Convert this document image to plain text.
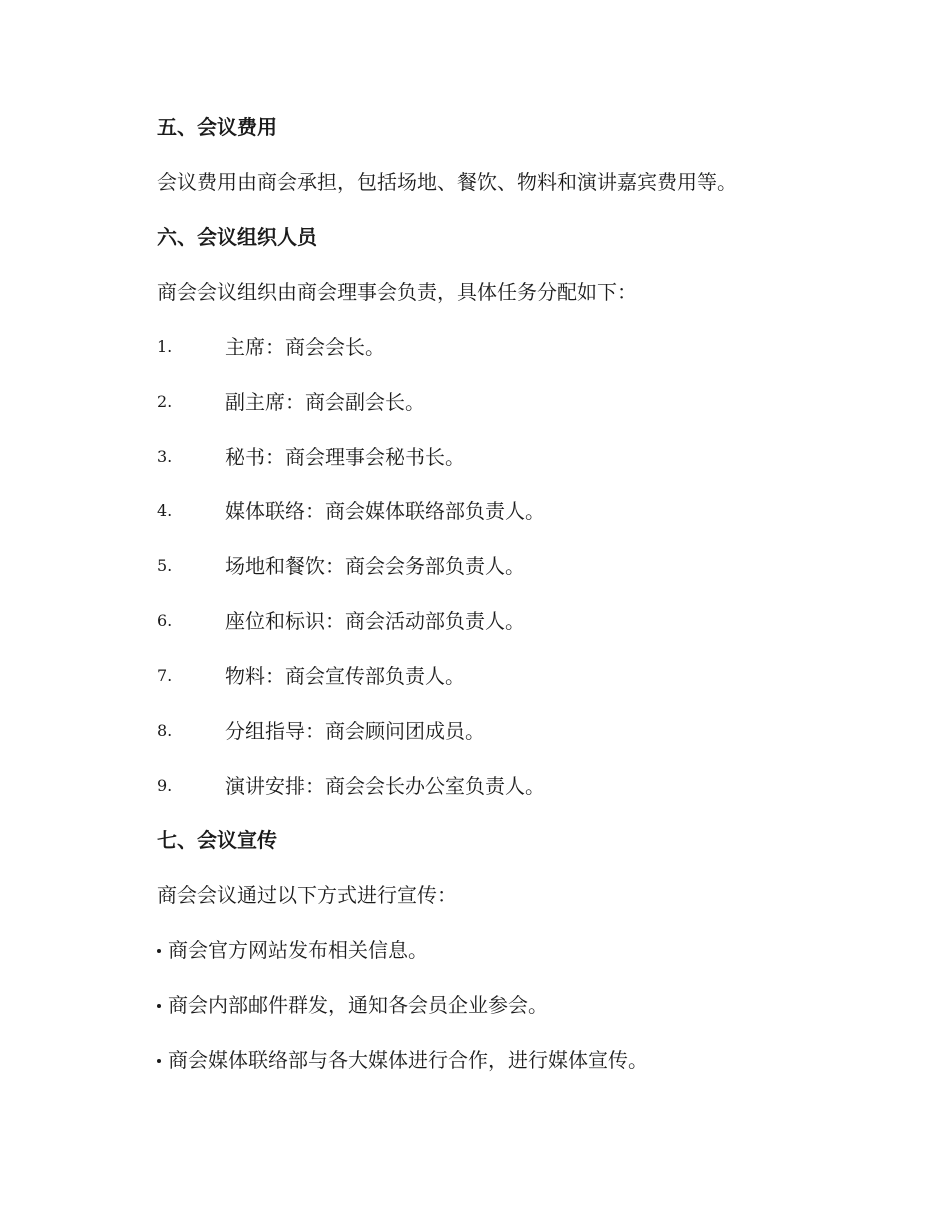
五、会议费用
会议费用由商会承担，包括场地、餐饮、物料和演讲嘉宾费用等。
六、会议组织人员
商会会议组织由商会理事会负责，具体任务分配如下：
1.	主席：商会会长。
2.	副主席：商会副会长。
3.	秘书：商会理事会秘书长。
4.	媒体联络：商会媒体联络部负责人。
5.	场地和餐饮：商会会务部负责人。
6.	座位和标识：商会活动部负责人。
7.	物料：商会宣传部负责人。
8.	分组指导：商会顾问团成员。
9.	演讲安排：商会会长办公室负责人。
七、会议宣传
商会会议通过以下方式进行宣传：
商会官方网站发布相关信息。
商会内部邮件群发，通知各会员企业参会。
商会媒体联络部与各大媒体进行合作，进行媒体宣传。
